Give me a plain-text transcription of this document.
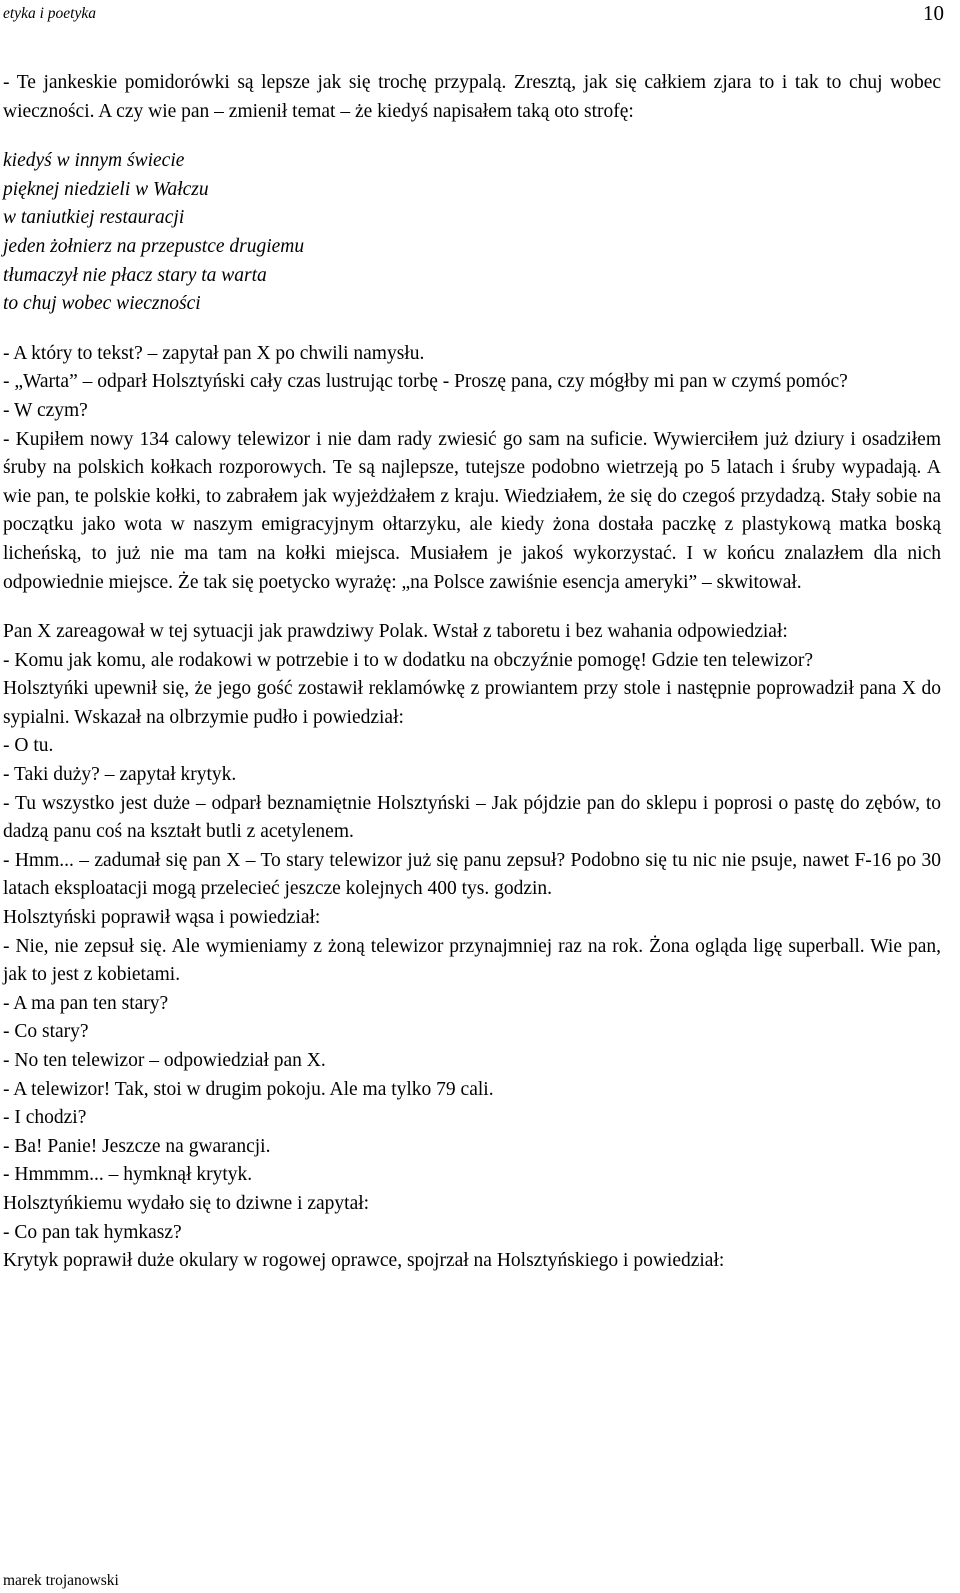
etyka i poetyka	10

- Te jankeskie pomidorówki są lepsze jak się trochę przypalą. Zresztą, jak się całkiem zjara to i tak to chuj wobec wieczności. A czy wie pan – zmienił temat – że kiedyś napisałem taką oto strofę:

kiedyś w innym świecie
pięknej niedzieli w Wałczu
w taniutkiej restauracji
jeden żołnierz na przepustce drugiemu
tłumaczył nie płacz stary ta warta
to chuj wobec wieczności

- A który to tekst? – zapytał pan X po chwili namysłu.

- „Warta” – odparł Holsztyński cały czas lustrując torbę - Proszę pana, czy mógłby mi pan w czymś pomóc?

- W czym?

- Kupiłem nowy 134 calowy telewizor i nie dam rady zwiesić go sam na suficie. Wywierciłem już dziury i osadziłem śruby na polskich kołkach rozporowych. Te są najlepsze, tutejsze podobno wietrzeją po 5 latach i śruby wypadają. A wie pan, te polskie kołki, to zabrałem jak wyjeżdżałem z kraju. Wiedziałem, że się do czegoś przydadzą. Stały sobie na początku jako wota w naszym emigracyjnym ołtarzyku, ale kiedy żona dostała paczkę z plastykową matka boską licheńską, to już nie ma tam na kołki miejsca. Musiałem je jakoś wykorzystać. I w końcu znalazłem dla nich odpowiednie miejsce. Że tak się poetycko wyrażę: „na Polsce zawiśnie esencja ameryki” – skwitował.

Pan X zareagował w tej sytuacji jak prawdziwy Polak. Wstał z taboretu i bez wahania odpowiedział:

- Komu jak komu, ale rodakowi w potrzebie i to w dodatku na obczyźnie pomogę! Gdzie ten telewizor?

Holsztyńki upewnił się, że jego gość zostawił reklamówkę z prowiantem przy stole i następnie poprowadził pana X do sypialni. Wskazał na olbrzymie pudło i powiedział:

- O tu.

- Taki duży? – zapytał krytyk.

- Tu wszystko jest duże – odparł beznamiętnie Holsztyński – Jak pójdzie pan do sklepu i poprosi o pastę do zębów, to dadzą panu coś na kształt butli z acetylenem.

- Hmm... – zadumał się pan X – To stary telewizor już się panu zepsuł? Podobno się tu nic nie psuje, nawet F-16 po 30 latach eksploatacji mogą przelecieć jeszcze kolejnych 400 tys. godzin.

Holsztyński poprawił wąsa i powiedział:

- Nie, nie zepsuł się. Ale wymieniamy z żoną telewizor przynajmniej raz na rok. Żona ogląda ligę superball. Wie pan, jak to jest z kobietami.

- A ma pan ten stary?

- Co stary?

- No ten telewizor – odpowiedział pan X.

- A telewizor! Tak, stoi w drugim pokoju. Ale ma tylko 79 cali.

- I chodzi?

- Ba! Panie! Jeszcze na gwarancji.

- Hmmmm... – hymknął krytyk.

Holsztyńkiemu wydało się to dziwne i zapytał:

- Co pan tak hymkasz?

Krytyk poprawił duże okulary w rogowej oprawce, spojrzał na Holsztyńskiego i powiedział:

marek trojanowski
